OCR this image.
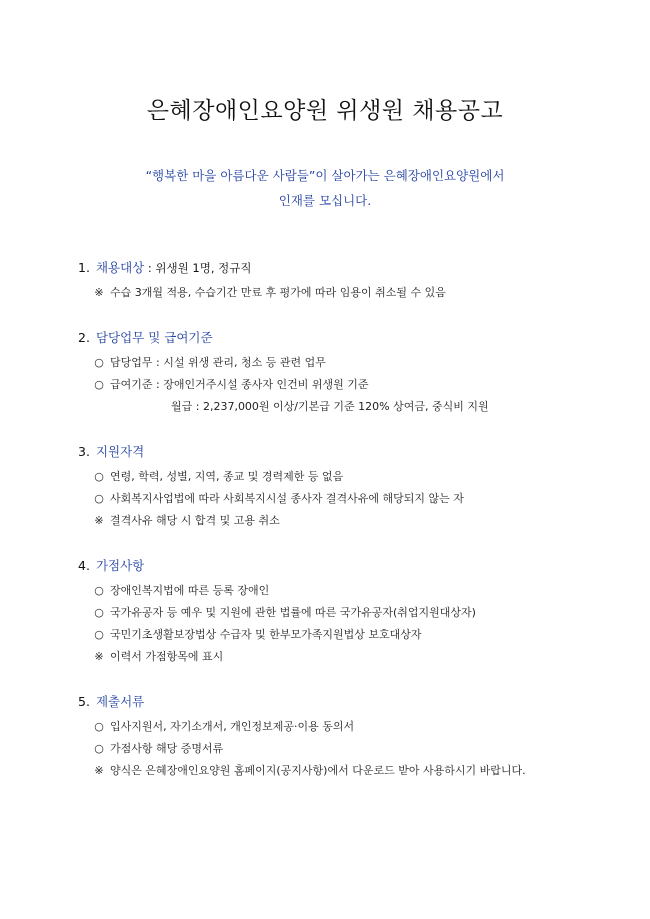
은혜장애인요양원 위생원 채용공고
“행복한 마을 아름다운 사람들”이 살아가는 은혜장애인요양원에서
인재를 모십니다.
1. 채용대상 : 위생원 1명, 정규직
※ 수습 3개월 적용, 수습기간 만료 후 평가에 따라 임용이 취소될 수 있음
2. 담당업무 및 급여기준
○ 담당업무 : 시설 위생 관리, 청소 등 관련 업무
○ 급여기준 : 장애인거주시설 종사자 인건비 위생원 기준
월급 : 2,237,000원 이상/기본급 기준 120% 상여금, 중식비 지원
3. 지원자격
○ 연령, 학력, 성별, 지역, 종교 및 경력제한 등 없음
○ 사회복지사업법에 따라 사회복지시설 종사자 결격사유에 해당되지 않는 자
※ 결격사유 해당 시 합격 및 고용 취소
4. 가점사항
○ 장애인복지법에 따른 등록 장애인
○ 국가유공자 등 예우 및 지원에 관한 법률에 따른 국가유공자(취업지원대상자)
○ 국민기초생활보장법상 수급자 및 한부모가족지원법상 보호대상자
※ 이력서 가점항목에 표시
5. 제출서류
○ 입사지원서, 자기소개서, 개인정보제공·이용 동의서
○ 가점사항 해당 증명서류
※ 양식은 은혜장애인요양원 홈페이지(공지사항)에서 다운로드 받아 사용하시기 바랍니다.
